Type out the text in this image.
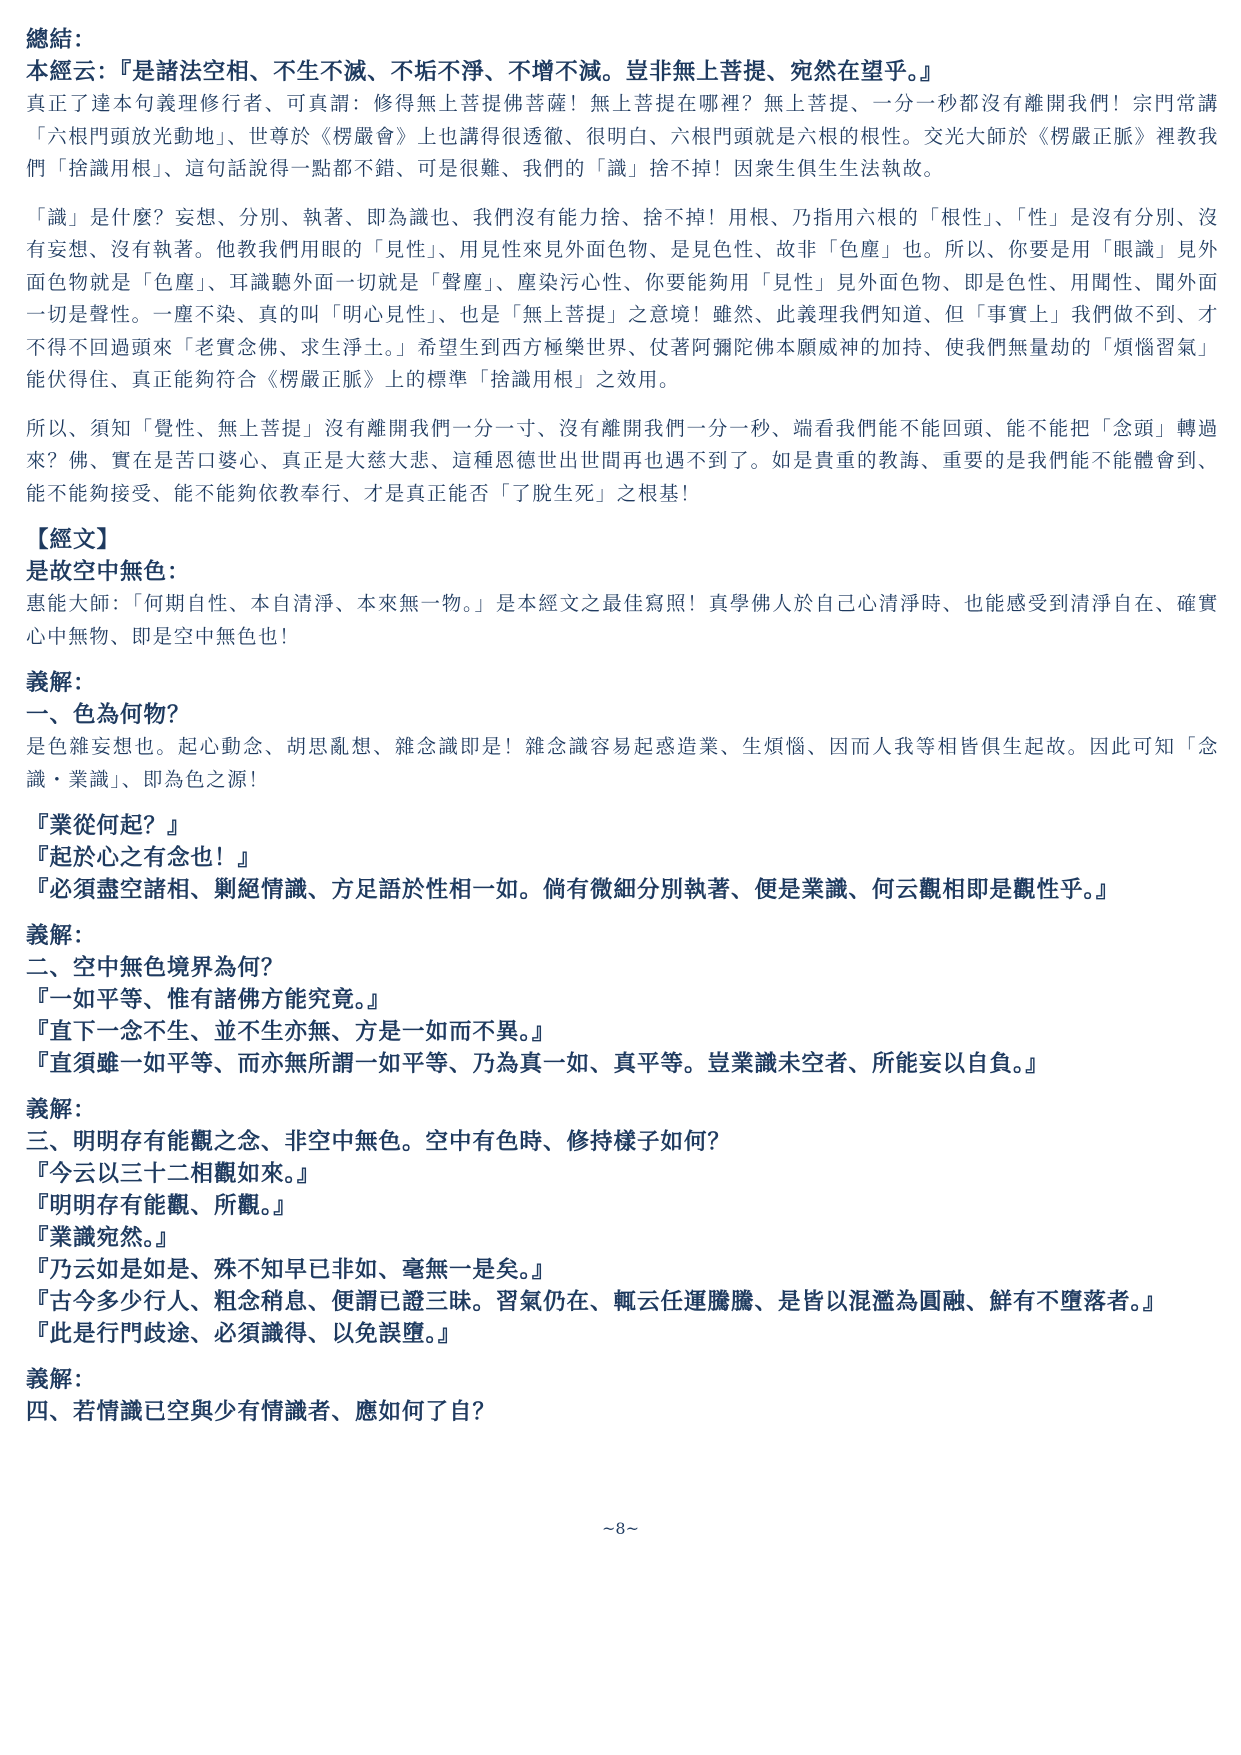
總結：

本經云：『是諸法空相、不生不滅、不垢不淨、不增不減。豈非無上菩提、宛然在望乎。』

真正了達本句義理修行者、可真謂：修得無上菩提佛菩薩！無上菩提在哪裡？無上菩提、一分一秒都沒有離開我們！宗門常講「六根門頭放光動地」、世尊於《楞嚴會》上也講得很透徹、很明白、六根門頭就是六根的根性。交光大師於《楞嚴正脈》裡教我們「捨識用根」、這句話說得一點都不錯、可是很難、我們的「識」捨不掉！因衆生俱生生法執故。

「識」是什麼？妄想、分別、執著、即為識也、我們沒有能力捨、捨不掉！用根、乃指用六根的「根性」、「性」是沒有分別、沒有妄想、沒有執著。他教我們用眼的「見性」、用見性來見外面色物、是見色性、故非「色塵」也。所以、你要是用「眼識」見外面色物就是「色塵」、耳識聽外面一切就是「聲塵」、塵染污心性、你要能夠用「見性」見外面色物、即是色性、用聞性、聞外面一切是聲性。一塵不染、真的叫「明心見性」、也是「無上菩提」之意境！雖然、此義理我們知道、但「事實上」我們做不到、才不得不回過頭來「老實念佛、求生淨土。」希望生到西方極樂世界、仗著阿彌陀佛本願威神的加持、使我們無量劫的「煩惱習氣」能伏得住、真正能夠符合《楞嚴正脈》上的標準「捨識用根」之效用。

所以、須知「覺性、無上菩提」沒有離開我們一分一寸、沒有離開我們一分一秒、端看我們能不能回頭、能不能把「念頭」轉過來？佛、實在是苦口婆心、真正是大慈大悲、這種恩德世出世間再也遇不到了。如是貴重的教誨、重要的是我們能不能體會到、能不能夠接受、能不能夠依教奉行、才是真正能否「了脫生死」之根基！

【經文】

是故空中無色：

惠能大師：「何期自性、本自清淨、本來無一物。」是本經文之最佳寫照！真學佛人於自己心清淨時、也能感受到清淨自在、確實心中無物、即是空中無色也！

義解：

一、色為何物？

是色雜妄想也。起心動念、胡思亂想、雜念識即是！雜念識容易起惑造業、生煩惱、因而人我等相皆俱生起故。因此可知「念識・業識」、即為色之源！

『業從何起？』

『起於心之有念也！』

『必須盡空諸相、剿絕情識、方足語於性相一如。倘有微細分別執著、便是業識、何云觀相即是觀性乎。』

義解：

二、空中無色境界為何？

『一如平等、惟有諸佛方能究竟。』

『直下一念不生、並不生亦無、方是一如而不異。』

『直須雖一如平等、而亦無所謂一如平等、乃為真一如、真平等。豈業識未空者、所能妄以自負。』

義解：

三、明明存有能觀之念、非空中無色。空中有色時、修持樣子如何？

『今云以三十二相觀如來。』

『明明存有能觀、所觀。』

『業識宛然。』

『乃云如是如是、殊不知早已非如、毫無一是矣。』

『古今多少行人、粗念稍息、便謂已證三昧。習氣仍在、輒云任運騰騰、是皆以混濫為圓融、鮮有不墮落者。』

『此是行門歧途、必須識得、以免誤墮。』

義解：

四、若情識已空與少有情識者、應如何了自？

~8~
